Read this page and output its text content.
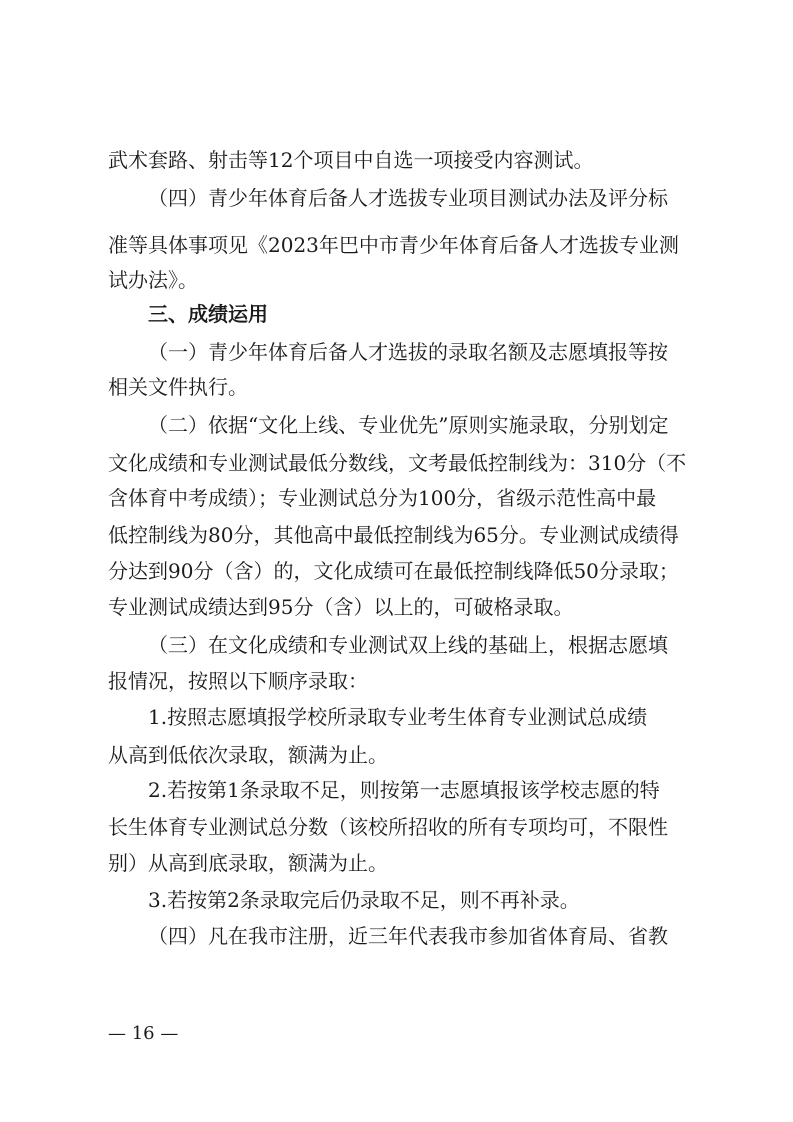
武术套路、射击等12个项目中自选一项接受内容测试。
（四）青少年体育后备人才选拔专业项目测试办法及评分标
准等具体事项见《2023年巴中市青少年体育后备人才选拔专业测
试办法》。
三、成绩运用
（一）青少年体育后备人才选拔的录取名额及志愿填报等按
相关文件执行。
（二）依据“文化上线、专业优先”原则实施录取，分别划定
文化成绩和专业测试最低分数线，文考最低控制线为：310分（不
含体育中考成绩）；专业测试总分为100分，省级示范性高中最
低控制线为80分，其他高中最低控制线为65分。专业测试成绩得
分达到90分（含）的，文化成绩可在最低控制线降低50分录取；
专业测试成绩达到95分（含）以上的，可破格录取。
（三）在文化成绩和专业测试双上线的基础上，根据志愿填
报情况，按照以下顺序录取：
1.按照志愿填报学校所录取专业考生体育专业测试总成绩
从高到低依次录取，额满为止。
2.若按第1条录取不足，则按第一志愿填报该学校志愿的特
长生体育专业测试总分数（该校所招收的所有专项均可，不限性
别）从高到底录取，额满为止。
3.若按第2条录取完后仍录取不足，则不再补录。
（四）凡在我市注册，近三年代表我市参加省体育局、省教
— 16 —
